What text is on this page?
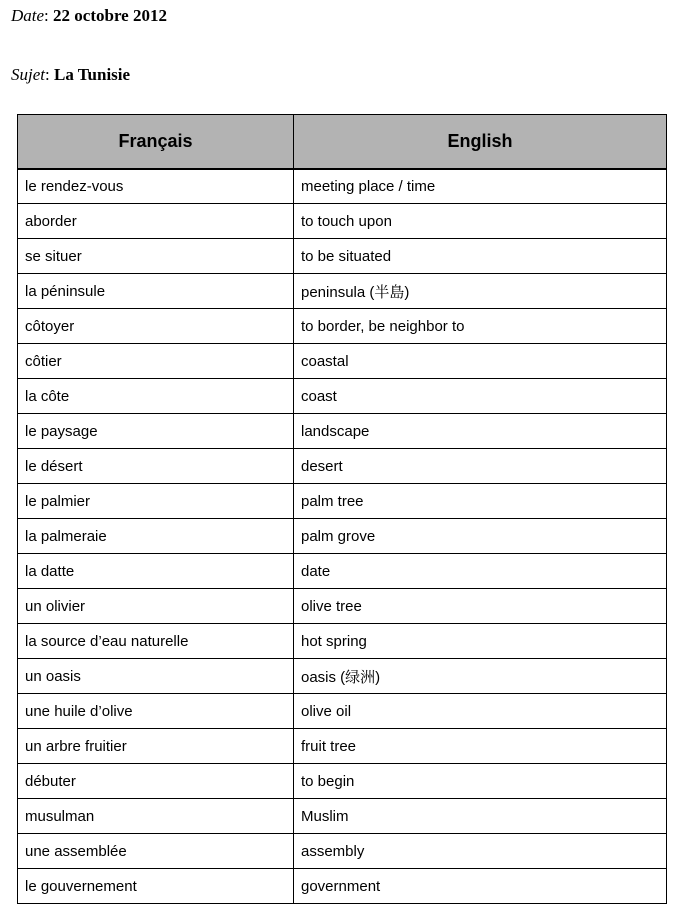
Date: 22 octobre 2012
Sujet: La Tunisie
Français	English
le rendez-vous	meeting place / time
aborder	to touch upon
se situer	to be situated
la péninsule	peninsula (半島)
côtoyer	to border, be neighbor to
côtier	coastal
la côte	coast
le paysage	landscape
le désert	desert
le palmier	palm tree
la palmeraie	palm grove
la datte	date
un olivier	olive tree
la source d’eau naturelle	hot spring
un oasis	oasis (绿洲)
une huile d’olive	olive oil
un arbre fruitier	fruit tree
débuter	to begin
musulman	Muslim
une assemblée	assembly
le gouvernement	government
